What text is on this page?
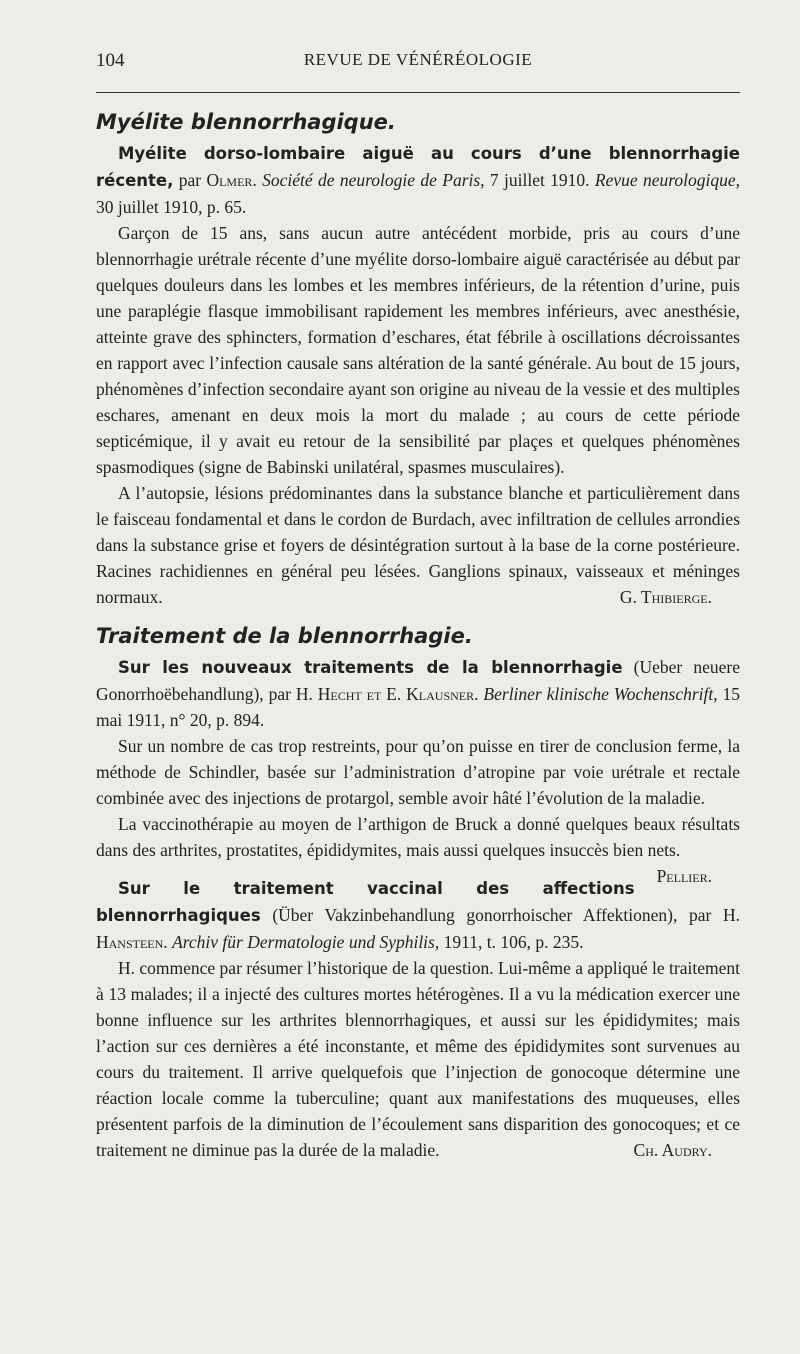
104	REVUE DE VÉNÉRÉOLOGIE
Myélite blennorrhagique.

Myélite dorso-lombaire aiguë au cours d’une blennorrhagie récente, par Olmer. Société de neurologie de Paris, 7 juillet 1910. Revue neurologique, 30 juillet 1910, p. 65.

Garçon de 15 ans, sans aucun autre antécédent morbide, pris au cours d’une blennorrhagie urétrale récente d’une myélite dorso-lombaire aiguë caractérisée au début par quelques douleurs dans les lombes et les membres inférieurs, de la rétention d’urine, puis une paraplégie flasque immobilisant rapidement les membres inférieurs, avec anesthésie, atteinte grave des sphincters, formation d’eschares, état fébrile à oscillations décroissantes en rapport avec l’infection causale sans altération de la santé générale. Au bout de 15 jours, phénomènes d’infection secondaire ayant son origine au niveau de la vessie et des multiples eschares, amenant en deux mois la mort du malade ; au cours de cette période septicémique, il y avait eu retour de la sensibilité par plaçes et quelques phénomènes spasmodiques (signe de Babinski unilatéral, spasmes musculaires).

A l’autopsie, lésions prédominantes dans la substance blanche et particulièrement dans le faisceau fondamental et dans le cordon de Burdach, avec infiltration de cellules arrondies dans la substance grise et foyers de désintégration surtout à la base de la corne postérieure. Racines rachidiennes en général peu lésées. Ganglions spinaux, vaisseaux et méninges normaux.	G. Thibierge.

Traitement de la blennorrhagie.

Sur les nouveaux traitements de la blennorrhagie (Ueber neuere Gonorrhoëbehandlung), par H. Hecht et E. Klausner. Berliner klinische Wochenschrift, 15 mai 1911, n° 20, p. 894.

Sur un nombre de cas trop restreints, pour qu’on puisse en tirer de conclusion ferme, la méthode de Schindler, basée sur l’administration d’atropine par voie urétrale et rectale combinée avec des injections de protargol, semble avoir hâté l’évolution de la maladie.

La vaccinothérapie au moyen de l’arthigon de Bruck a donné quelques beaux résultats dans des arthrites, prostatites, épididymites, mais aussi quelques insuccès bien nets.
Pellier.

Sur le traitement vaccinal des affections blennorrhagiques (Über Vakzinbehandlung gonorrhoischer Affektionen), par H. Hansteen. Archiv für Dermatologie und Syphilis, 1911, t. 106, p. 235.

H. commence par résumer l’historique de la question. Lui-même a appliqué le traitement à 13 malades; il a injecté des cultures mortes hétérogènes. Il a vu la médication exercer une bonne influence sur les arthrites blennorrhagiques, et aussi sur les épididymites; mais l’action sur ces dernières a été inconstante, et même des épididymites sont survenues au cours du traitement. Il arrive quelquefois que l’injection de gonocoque détermine une réaction locale comme la tuberculine; quant aux manifestations des muqueuses, elles présentent parfois de la diminution de l’écoulement sans disparition des gonocoques; et ce traitement ne diminue pas la durée de la maladie.	Ch. Audry.
